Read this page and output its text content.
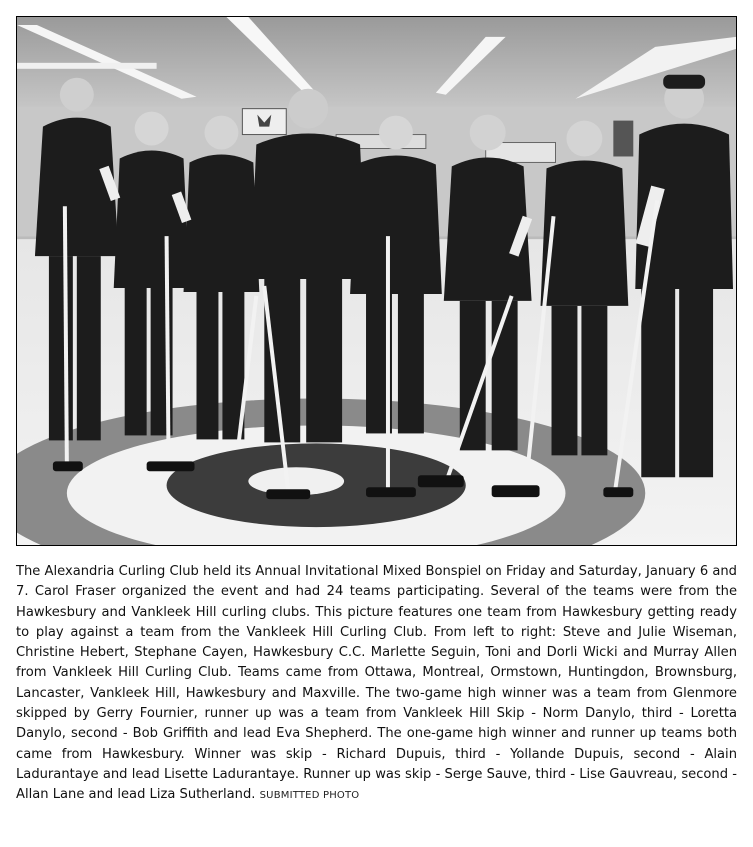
The Alexandria Curling Club held its Annual Invitational Mixed Bonspiel on Friday and Saturday, January 6 and 7. Carol Fraser organized the event and had 24 teams participating. Several of the teams were from the Hawkesbury and Vankleek Hill curling clubs. This picture features one team from Hawkesbury getting ready to play against a team from the Vankleek Hill Curling Club. From left to right: Steve and Julie Wiseman, Christine Hebert, Stephane Cayen, Hawkesbury C.C. Marlette Seguin, Toni and Dorli Wicki and Murray Allen from Vankleek Hill Curling Club. Teams came from Ottawa, Montreal, Ormstown, Huntingdon, Brownsburg, Lancaster, Vankleek Hill, Hawkesbury and Maxville. The two-game high winner was a team from Glenmore skipped by Gerry Fournier, runner up was a team from Vankleek Hill Skip - Norm Danylo, third - Loretta Danylo, second - Bob Griffith and lead Eva Shepherd. The one-game high winner and runner up teams both came from Hawkesbury. Winner was skip - Richard Dupuis, third - Yollande Dupuis, second - Alain Ladurantaye and lead Lisette Ladurantaye. Runner up was skip - Serge Sauve, third - Lise Gauvreau, second - Allan Lane and lead Liza Sutherland. SUBMITTED PHOTO
